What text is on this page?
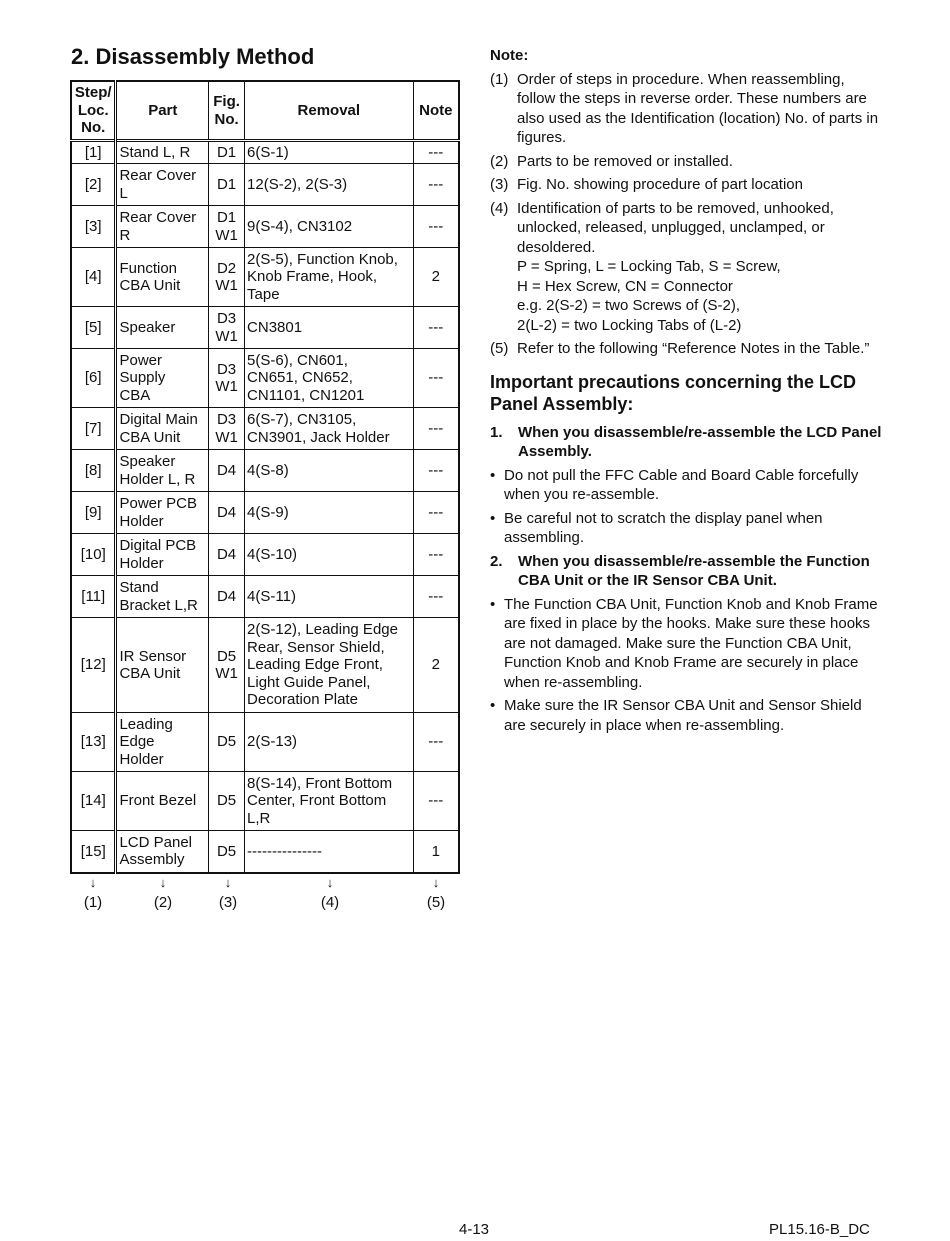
2. Disassembly Method
Step/
Loc.
No.	Part	Fig.
No.	Removal	Note
[1]	Stand L, R	D1	6(S-1)	---
[2]	Rear Cover
L	D1	12(S-2), 2(S-3)	---
[3]	Rear Cover
R	D1
W1	9(S-4), CN3102	---
[4]	Function
CBA Unit	D2
W1	2(S-5), Function Knob,
Knob Frame, Hook,
Tape	2
[5]	Speaker	D3
W1	CN3801	---
[6]	Power
Supply
CBA	D3
W1	5(S-6), CN601,
CN651, CN652,
CN1101, CN1201	---
[7]	Digital Main
CBA Unit	D3
W1	6(S-7), CN3105,
CN3901, Jack Holder	---
[8]	Speaker
Holder L, R	D4	4(S-8)	---
[9]	Power PCB
Holder	D4	4(S-9)	---
[10]	Digital PCB
Holder	D4	4(S-10)	---
[11]	Stand
Bracket L,R	D4	4(S-11)	---
[12]	IR Sensor
CBA Unit	D5
W1	2(S-12), Leading Edge
Rear, Sensor Shield,
Leading Edge Front,
Light Guide Panel,
Decoration Plate	2
[13]	Leading
Edge
Holder	D5	2(S-13)	---
[14]	Front Bezel	D5	8(S-14), Front Bottom
Center, Front Bottom
L,R	---
[15]	LCD Panel
Assembly	D5	---------------	1
↓
(1)
↓
(2)
↓
(3)
↓
(4)
↓
(5)
Note:
(1) Order of steps in procedure. When reassembling, follow the steps in reverse order. These numbers are also used as the Identification (location) No. of parts in figures.
(2) Parts to be removed or installed.
(3) Fig. No. showing procedure of part location
(4) Identification of parts to be removed, unhooked, unlocked, released, unplugged, unclamped, or desoldered.
P = Spring, L = Locking Tab, S = Screw,
H = Hex Screw, CN = Connector
e.g. 2(S-2) = two Screws of (S-2),
2(L-2) = two Locking Tabs of (L-2)
(5) Refer to the following “Reference Notes in the Table.”
Important precautions concerning the LCD Panel Assembly:
1. When you disassemble/re-assemble the LCD Panel Assembly.
• Do not pull the FFC Cable and Board Cable forcefully when you re-assemble.
• Be careful not to scratch the display panel when assembling.
2. When you disassemble/re-assemble the Function CBA Unit or the IR Sensor CBA Unit.
• The Function CBA Unit, Function Knob and Knob Frame are fixed in place by the hooks. Make sure these hooks are not damaged. Make sure the Function CBA Unit, Function Knob and Knob Frame are securely in place when re-assembling.
• Make sure the IR Sensor CBA Unit and Sensor Shield are securely in place when re-assembling.
4-13	PL15.16-B_DC
